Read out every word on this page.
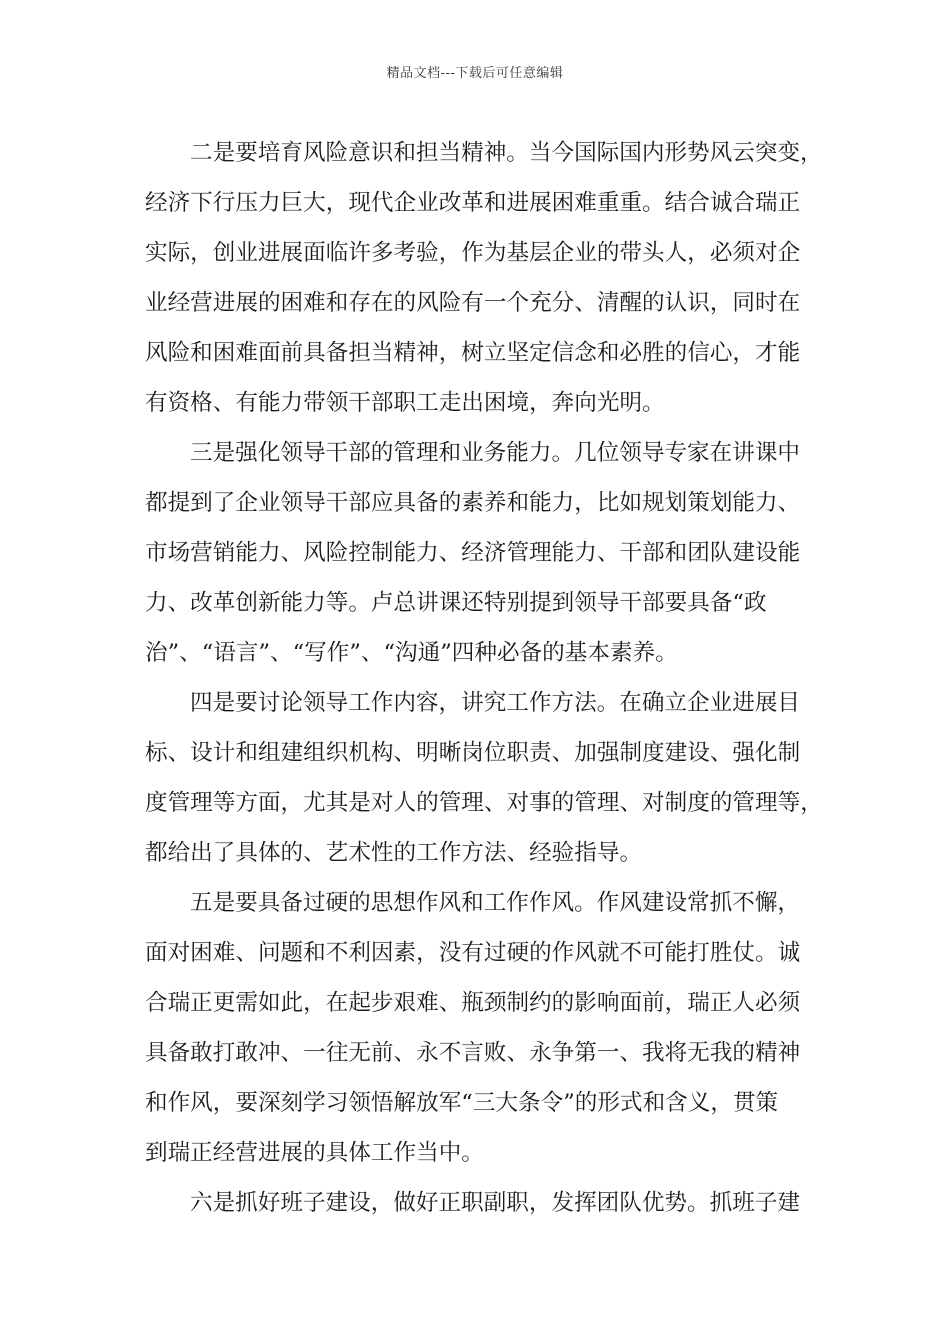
精品文档---下载后可任意编辑
二是要培育风险意识和担当精神。当今国际国内形势风云突变，
经济下行压力巨大，现代企业改革和进展困难重重。结合诚合瑞正
实际，创业进展面临许多考验，作为基层企业的带头人，必须对企
业经营进展的困难和存在的风险有一个充分、清醒的认识，同时在
风险和困难面前具备担当精神，树立坚定信念和必胜的信心，才能
有资格、有能力带领干部职工走出困境，奔向光明。
三是强化领导干部的管理和业务能力。几位领导专家在讲课中
都提到了企业领导干部应具备的素养和能力，比如规划策划能力、
市场营销能力、风险控制能力、经济管理能力、干部和团队建设能
力、改革创新能力等。卢总讲课还特别提到领导干部要具备“政
治”、“语言”、“写作”、“沟通”四种必备的基本素养。
四是要讨论领导工作内容，讲究工作方法。在确立企业进展目
标、设计和组建组织机构、明晰岗位职责、加强制度建设、强化制
度管理等方面，尤其是对人的管理、对事的管理、对制度的管理等，
都给出了具体的、艺术性的工作方法、经验指导。
五是要具备过硬的思想作风和工作作风。作风建设常抓不懈，
面对困难、问题和不利因素，没有过硬的作风就不可能打胜仗。诚
合瑞正更需如此，在起步艰难、瓶颈制约的影响面前，瑞正人必须
具备敢打敢冲、一往无前、永不言败、永争第一、我将无我的精神
和作风，要深刻学习领悟解放军“三大条令”的形式和含义，贯策
到瑞正经营进展的具体工作当中。
六是抓好班子建设，做好正职副职，发挥团队优势。抓班子建
